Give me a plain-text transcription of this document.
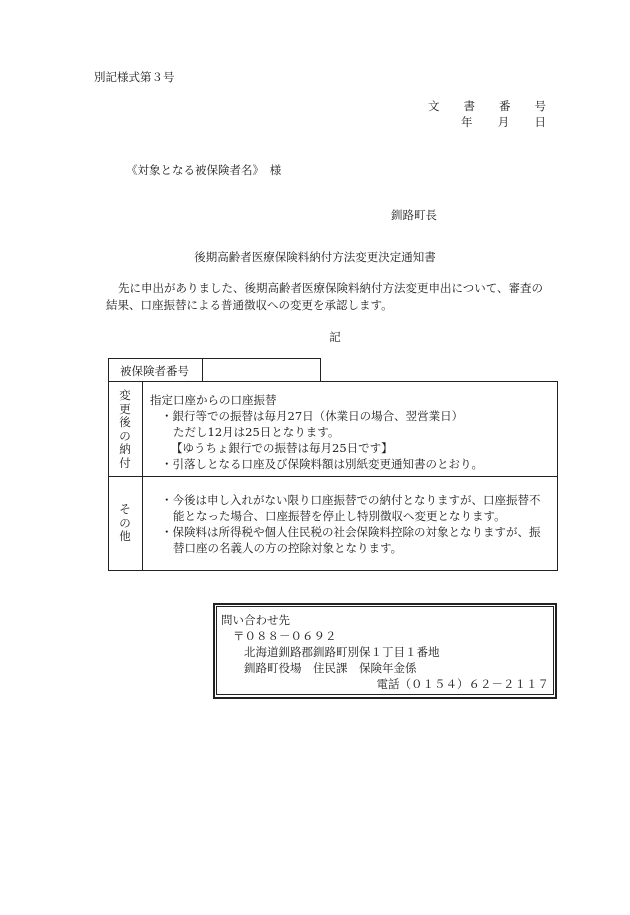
別記様式第３号
文 書 番 号
年 月 日
《対象となる被保険者名》　様
釧路町長
後期高齢者医療保険料納付方法変更決定通知書
先に申出がありました、後期高齢者医療保険料納付方法変更申出について、審査の結果、口座振替による普通徴収への変更を承認します。
記
被保険者番号
変
更
後
の
納
付
指定口座からの口座振替
・銀行等での振替は毎月27日（休業日の場合、翌営業日）
ただし12月は25日となります。
【ゆうちょ銀行での振替は毎月25日です】
・引落しとなる口座及び保険料額は別紙変更通知書のとおり。
そ
の
他
・今後は申し入れがない限り口座振替での納付となりますが、口座振替不
能となった場合、口座振替を停止し特別徴収へ変更となります。
・保険料は所得税や個人住民税の社会保険料控除の対象となりますが、振
替口座の名義人の方の控除対象となります。
問い合わせ先
〒０８８－０６９２
北海道釧路郡釧路町別保１丁目１番地
釧路町役場　住民課　保険年金係
電話（０１５４）６２－２１１７
